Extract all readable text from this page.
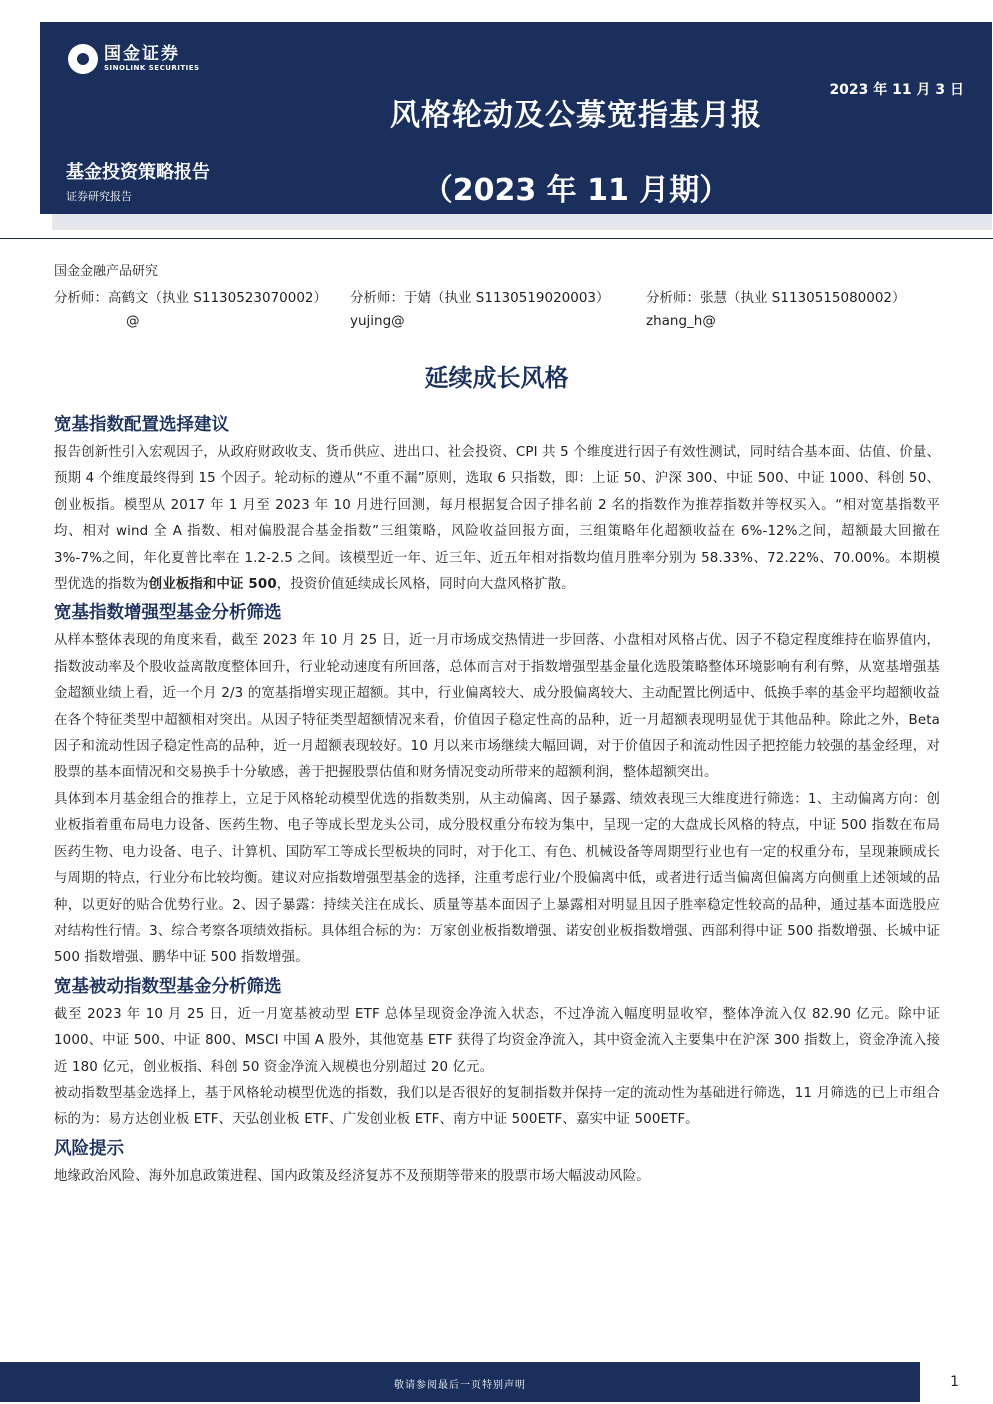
2023 年 11 月 3 日
风格轮动及公募宽指基月报
（2023 年 11 月期）
国金证券
SINOLINK SECURITIES
基金投资策略报告
证券研究报告
国金金融产品研究
分析师：高鹤文（执业 S1130523070002） 分析师：于婧（执业 S1130519020003）	分析师：张慧（执业 S1130515080002）
@	yujing@	zhang_h@
延续成长风格
宽基指数配置选择建议

报告创新性引入宏观因子，从政府财政收支、货币供应、进出口、社会投资、CPI 共 5 个维度进行因子有效性测试，同时结合基本面、估值、价量、预期 4 个维度最终得到 15 个因子。轮动标的遵从“不重不漏”原则，选取 6 只指数，即：上证 50、沪深 300、中证 500、中证 1000、科创 50、创业板指。模型从 2017 年 1 月至 2023 年 10 月进行回测，每月根据复合因子排名前 2 名的指数作为推荐指数并等权买入。“相对宽基指数平均、相对 wind 全 A 指数、相对偏股混合基金指数”三组策略，风险收益回报方面，三组策略年化超额收益在 6%-12%之间，超额最大回撤在 3%-7%之间，年化夏普比率在 1.2-2.5 之间。该模型近一年、近三年、近五年相对指数均值月胜率分别为 58.33%、72.22%、70.00%。本期模型优选的指数为创业板指和中证 500，投资价值延续成长风格，同时向大盘风格扩散。

宽基指数增强型基金分析筛选

从样本整体表现的角度来看，截至 2023 年 10 月 25 日，近一月市场成交热情进一步回落、小盘相对风格占优、因子不稳定程度维持在临界值内，指数波动率及个股收益离散度整体回升，行业轮动速度有所回落，总体而言对于指数增强型基金量化选股策略整体环境影响有利有弊，从宽基增强基金超额业绩上看，近一个月 2/3 的宽基指增实现正超额。其中，行业偏离较大、成分股偏离较大、主动配置比例适中、低换手率的基金平均超额收益在各个特征类型中超额相对突出。从因子特征类型超额情况来看，价值因子稳定性高的品种，近一月超额表现明显优于其他品种。除此之外，Beta 因子和流动性因子稳定性高的品种，近一月超额表现较好。10 月以来市场继续大幅回调，对于价值因子和流动性因子把控能力较强的基金经理，对股票的基本面情况和交易换手十分敏感，善于把握股票估值和财务情况变动所带来的超额利润，整体超额突出。

具体到本月基金组合的推荐上，立足于风格轮动模型优选的指数类别，从主动偏离、因子暴露、绩效表现三大维度进行筛选：1、主动偏离方向：创业板指着重布局电力设备、医药生物、电子等成长型龙头公司，成分股权重分布较为集中，呈现一定的大盘成长风格的特点，中证 500 指数在布局医药生物、电力设备、电子、计算机、国防军工等成长型板块的同时，对于化工、有色、机械设备等周期型行业也有一定的权重分布，呈现兼顾成长与周期的特点，行业分布比较均衡。建议对应指数增强型基金的选择，注重考虑行业/个股偏离中低，或者进行适当偏离但偏离方向侧重上述领域的品种，以更好的贴合优势行业。2、因子暴露：持续关注在成长、质量等基本面因子上暴露相对明显且因子胜率稳定性较高的品种，通过基本面选股应对结构性行情。3、综合考察各项绩效指标。具体组合标的为：万家创业板指数增强、诺安创业板指数增强、西部利得中证 500 指数增强、长城中证 500 指数增强、鹏华中证 500 指数增强。

宽基被动指数型基金分析筛选

截至 2023 年 10 月 25 日，近一月宽基被动型 ETF 总体呈现资金净流入状态，不过净流入幅度明显收窄，整体净流入仅 82.90 亿元。除中证 1000、中证 500、中证 800、MSCI 中国 A 股外，其他宽基 ETF 获得了均资金净流入，其中资金流入主要集中在沪深 300 指数上，资金净流入接近 180 亿元，创业板指、科创 50 资金净流入规模也分别超过 20 亿元。

被动指数型基金选择上，基于风格轮动模型优选的指数，我们以是否很好的复制指数并保持一定的流动性为基础进行筛选，11 月筛选的已上市组合标的为：易方达创业板 ETF、天弘创业板 ETF、广发创业板 ETF、南方中证 500ETF、嘉实中证 500ETF。

风险提示

地缘政治风险、海外加息政策进程、国内政策及经济复苏不及预期等带来的股票市场大幅波动风险。

敬请参阅最后一页特别声明	1
